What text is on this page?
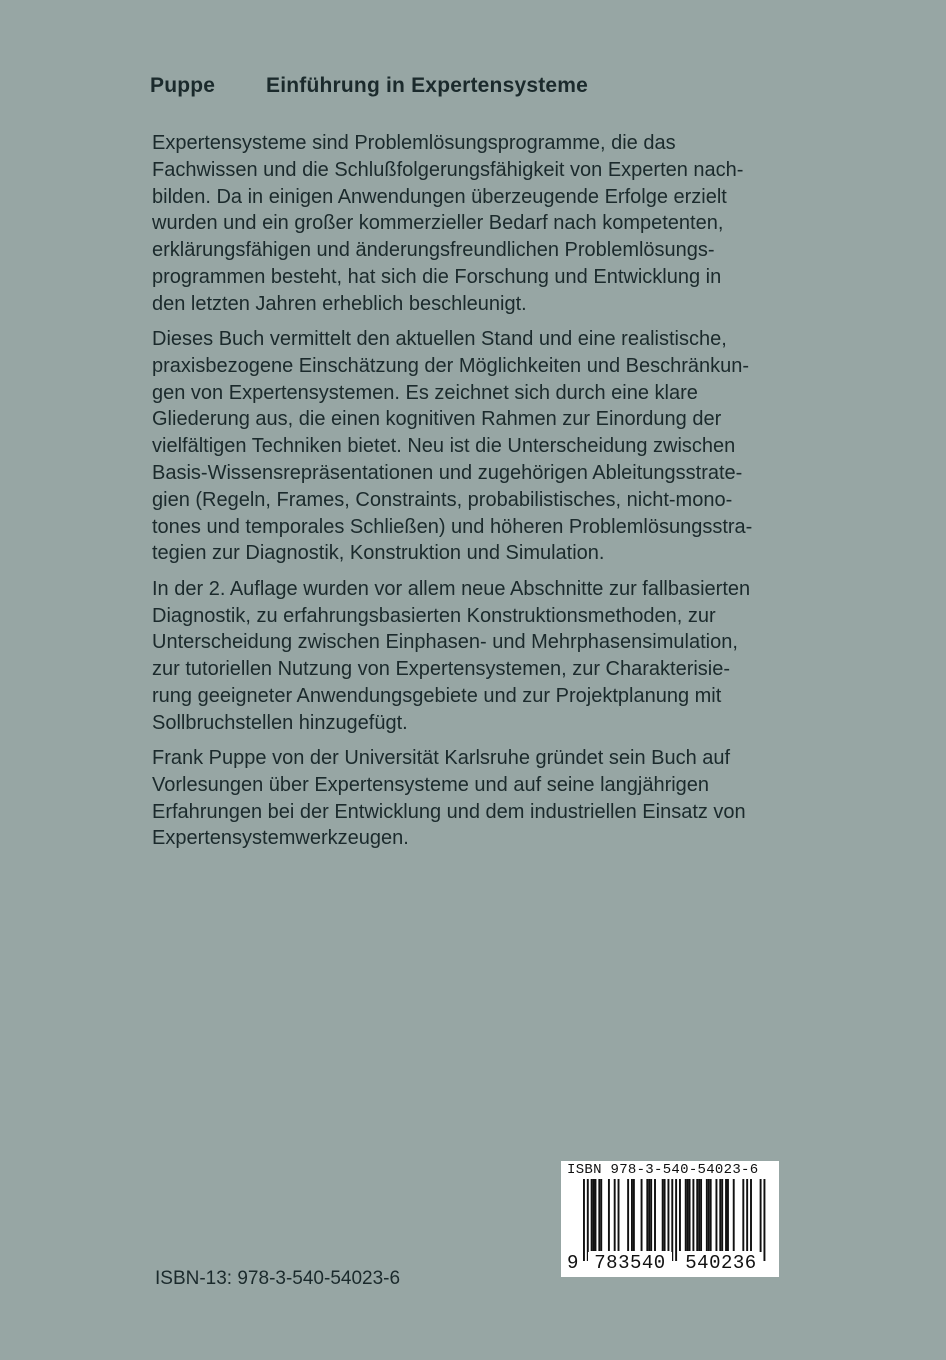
Puppe Einführung in Expertensysteme

Expertensysteme sind Problemlösungsprogramme, die das
Fachwissen und die Schlußfolgerungsfähigkeit von Experten nach-
bilden. Da in einigen Anwendungen überzeugende Erfolge erzielt
wurden und ein großer kommerzieller Bedarf nach kompetenten,
erklärungsfähigen und änderungsfreundlichen Problemlösungs-
programmen besteht, hat sich die Forschung und Entwicklung in
den letzten Jahren erheblich beschleunigt.

Dieses Buch vermittelt den aktuellen Stand und eine realistische,
praxisbezogene Einschätzung der Möglichkeiten und Beschränkun-
gen von Expertensystemen. Es zeichnet sich durch eine klare
Gliederung aus, die einen kognitiven Rahmen zur Einordung der
vielfältigen Techniken bietet. Neu ist die Unterscheidung zwischen
Basis-Wissensrepräsentationen und zugehörigen Ableitungsstrate-
gien (Regeln, Frames, Constraints, probabilistisches, nicht-mono-
tones und temporales Schließen) und höheren Problemlösungsstra-
tegien zur Diagnostik, Konstruktion und Simulation.

In der 2. Auflage wurden vor allem neue Abschnitte zur fallbasierten
Diagnostik, zu erfahrungsbasierten Konstruktionsmethoden, zur
Unterscheidung zwischen Einphasen- und Mehrphasensimulation,
zur tutoriellen Nutzung von Expertensystemen, zur Charakterisie-
rung geeigneter Anwendungsgebiete und zur Projektplanung mit
Sollbruchstellen hinzugefügt.

Frank Puppe von der Universität Karlsruhe gründet sein Buch auf
Vorlesungen über Expertensysteme und auf seine langjährigen
Erfahrungen bei der Entwicklung und dem industriellen Einsatz von
Expertensystemwerkzeugen.

ISBN-13: 978-3-540-54023-6
ISBN 978-3-540-54023-6
9 783540	540236
